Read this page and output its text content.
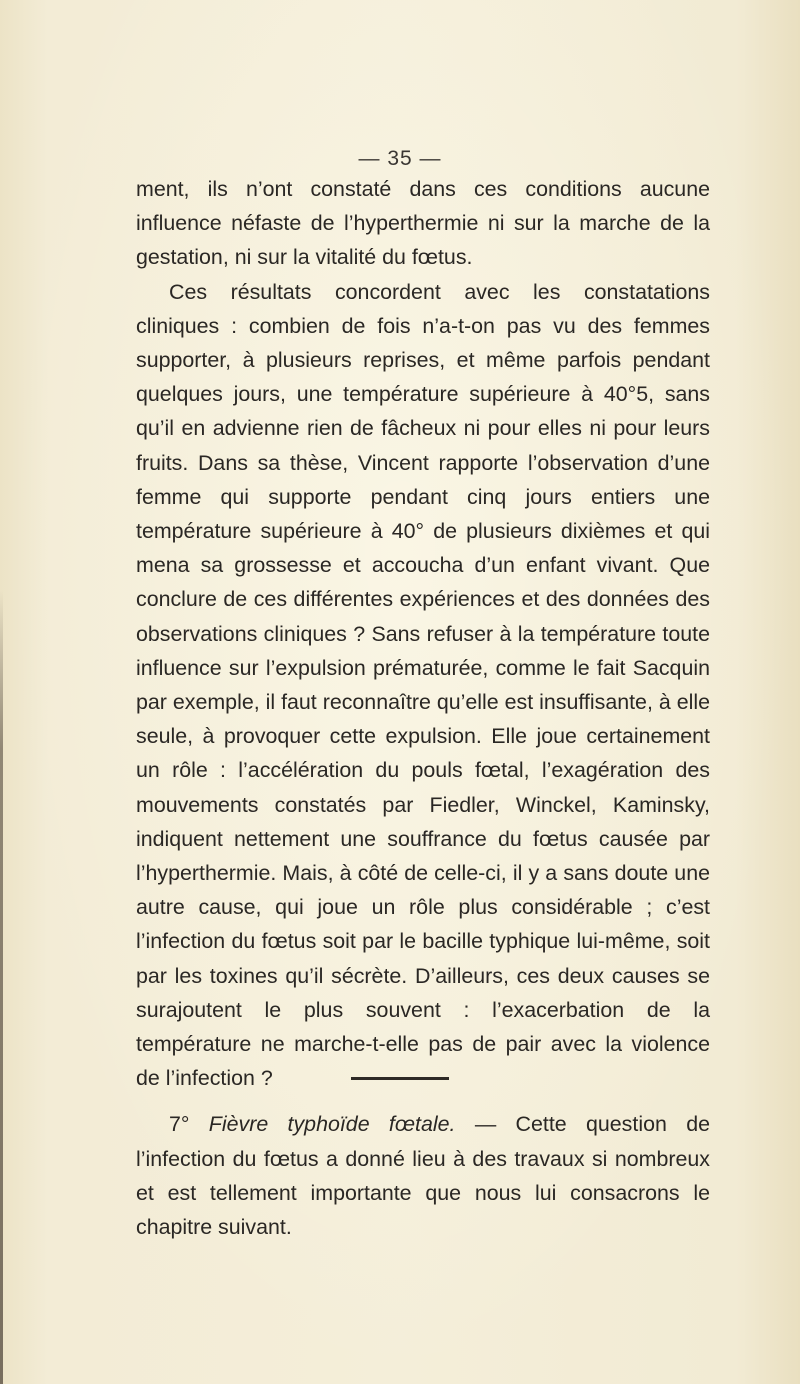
— 35 —

ment, ils n’ont constaté dans ces conditions aucune influence néfaste de l’hyperthermie ni sur la marche de la gestation, ni sur la vitalité du fœtus.

Ces résultats concordent avec les constatations cliniques : combien de fois n’a-t-on pas vu des femmes supporter, à plusieurs reprises, et même parfois pendant quelques jours, une température supérieure à 40°5, sans qu’il en advienne rien de fâcheux ni pour elles ni pour leurs fruits. Dans sa thèse, Vincent rapporte l’observation d’une femme qui supporte pendant cinq jours entiers une température supérieure à 40° de plusieurs dixièmes et qui mena sa grossesse et accoucha d’un enfant vivant. Que conclure de ces différentes expériences et des données des observations cliniques ? Sans refuser à la température toute influence sur l’expulsion prématurée, comme le fait Sacquin par exemple, il faut reconnaître qu’elle est insuffisante, à elle seule, à provoquer cette expulsion. Elle joue certainement un rôle : l’accélération du pouls fœtal, l’exagération des mouvements constatés par Fiedler, Winckel, Kaminsky, indiquent nettement une souffrance du fœtus causée par l’hyperthermie. Mais, à côté de celle-ci, il y a sans doute une autre cause, qui joue un rôle plus considérable ; c’est l’infection du fœtus soit par le bacille typhique lui-même, soit par les toxines qu’il sécrète. D’ailleurs, ces deux causes se surajoutent le plus souvent : l’exacerbation de la température ne marche-t-elle pas de pair avec la violence de l’infection ?

7° Fièvre typhoïde fœtale. — Cette question de l’infection du fœtus a donné lieu à des travaux si nombreux et est tellement importante que nous lui consacrons le chapitre suivant.
